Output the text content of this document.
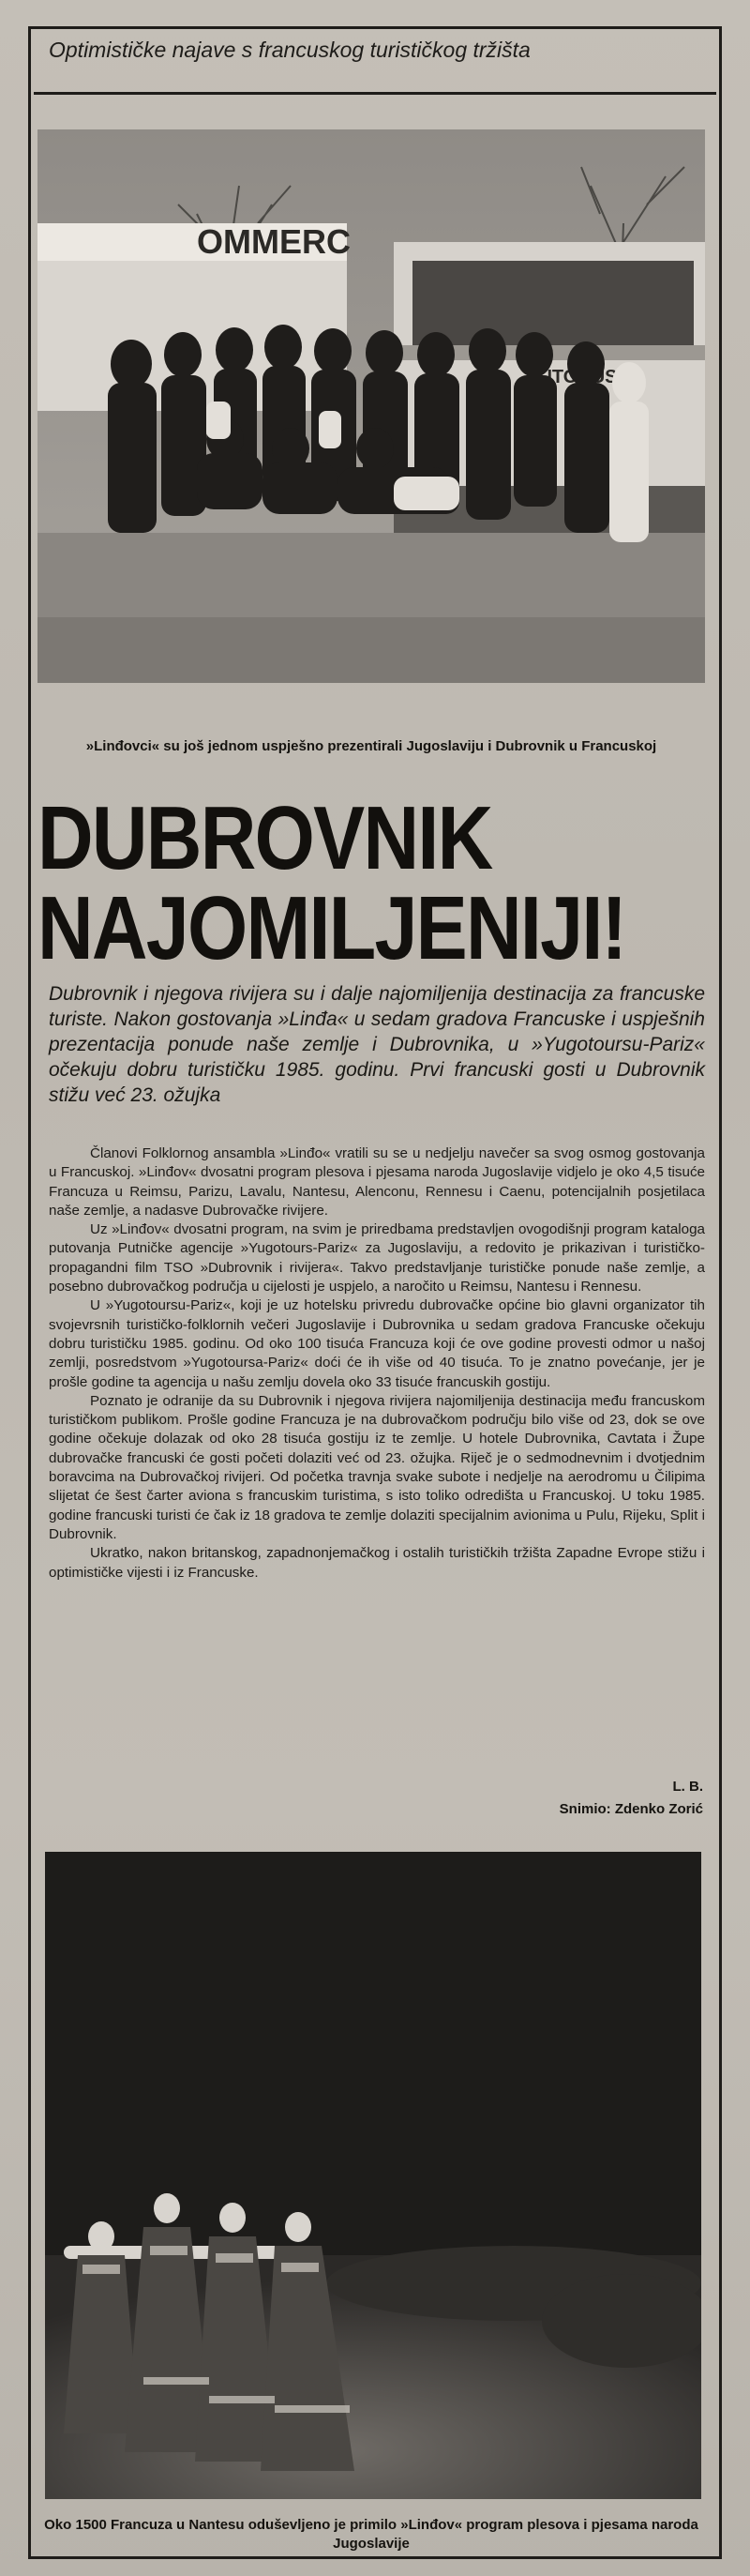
Optimističke najave s francuskog turističkog tržišta
OMMERC
»Linđovci« su još jednom uspješno prezentirali Jugoslaviju i Dubrovnik u Francuskoj
DUBROVNIK
NAJOMILJENIJI!
Dubrovnik i njegova rivijera su i dalje najomiljenija destinacija za francuske turiste. Nakon gostovanja »Linđa« u sedam gradova Francuske i uspješnih prezentacija ponude naše zemlje i Dubrovnika, u »Yugotoursu-Pariz« očekuju dobru turističku 1985. godinu. Prvi francuski gosti u Dubrovnik stižu već 23. ožujka

Članovi Folklornog ansambla »Linđo« vratili su se u nedjelju navečer sa svog osmog gostovanja u Francuskoj. »Linđov« dvosatni program plesova i pjesama naroda Jugoslavije vidjelo je oko 4,5 tisuće Francuza u Reimsu, Parizu, Lavalu, Nantesu, Alenconu, Rennesu i Caenu, potencijalnih posjetilaca naše zemlje, a nadasve Dubrovačke rivijere.

Uz »Linđov« dvosatni program, na svim je priredbama predstavljen ovogodišnji program kataloga putovanja Putničke agencije »Yugotours-Pariz« za Jugoslaviju, a redovito je prikazivan i turističko-propagandni film TSO »Dubrovnik i rivijera«. Takvo predstavljanje turističke ponude naše zemlje, a posebno dubrovačkog područja u cijelosti je uspjelo, a naročito u Reimsu, Nantesu i Rennesu.

U »Yugotoursu-Pariz«, koji je uz hotelsku privredu dubrovačke općine bio glavni organizator tih svojevrsnih turističko-folklornih večeri Jugoslavije i Dubrovnika u sedam gradova Francuske očekuju dobru turističku 1985. godinu. Od oko 100 tisuća Francuza koji će ove godine provesti odmor u našoj zemlji, posredstvom »Yugotoursa-Pariz« doći će ih više od 40 tisuća. To je znatno povećanje, jer je prošle godine ta agencija u našu zemlju dovela oko 33 tisuće francuskih gostiju.

Poznato je odranije da su Dubrovnik i njegova rivijera najomiljenija destinacija među francuskom turističkom publikom. Prošle godine Francuza je na dubrovačkom području bilo više od 23, dok se ove godine očekuje dolazak od oko 28 tisuća gostiju iz te zemlje. U hotele Dubrovnika, Cavtata i Župe dubrovačke francuski će gosti početi dolaziti već od 23. ožujka. Riječ je o sedmodnevnim i dvotjednim boravcima na Dubrovačkoj rivijeri. Od početka travnja svake subote i nedjelje na aerodromu u Čilipima slijetat će šest čarter aviona s francuskim turistima, s isto toliko odredišta u Francuskoj. U toku 1985. godine francuski turisti će čak iz 18 gradova te zemlje dolaziti specijalnim avionima u Pulu, Rijeku, Split i Dubrovnik.

Ukratko, nakon britanskog, zapadnonjemačkog i ostalih turističkih tržišta Zapadne Evrope stižu i optimističke vijesti i iz Francuske.

L. B.
Snimio: Zdenko Zorić
Oko 1500 Francuza u Nantesu oduševljeno je primilo »Linđov« program plesova i pjesama naroda Jugoslavije
